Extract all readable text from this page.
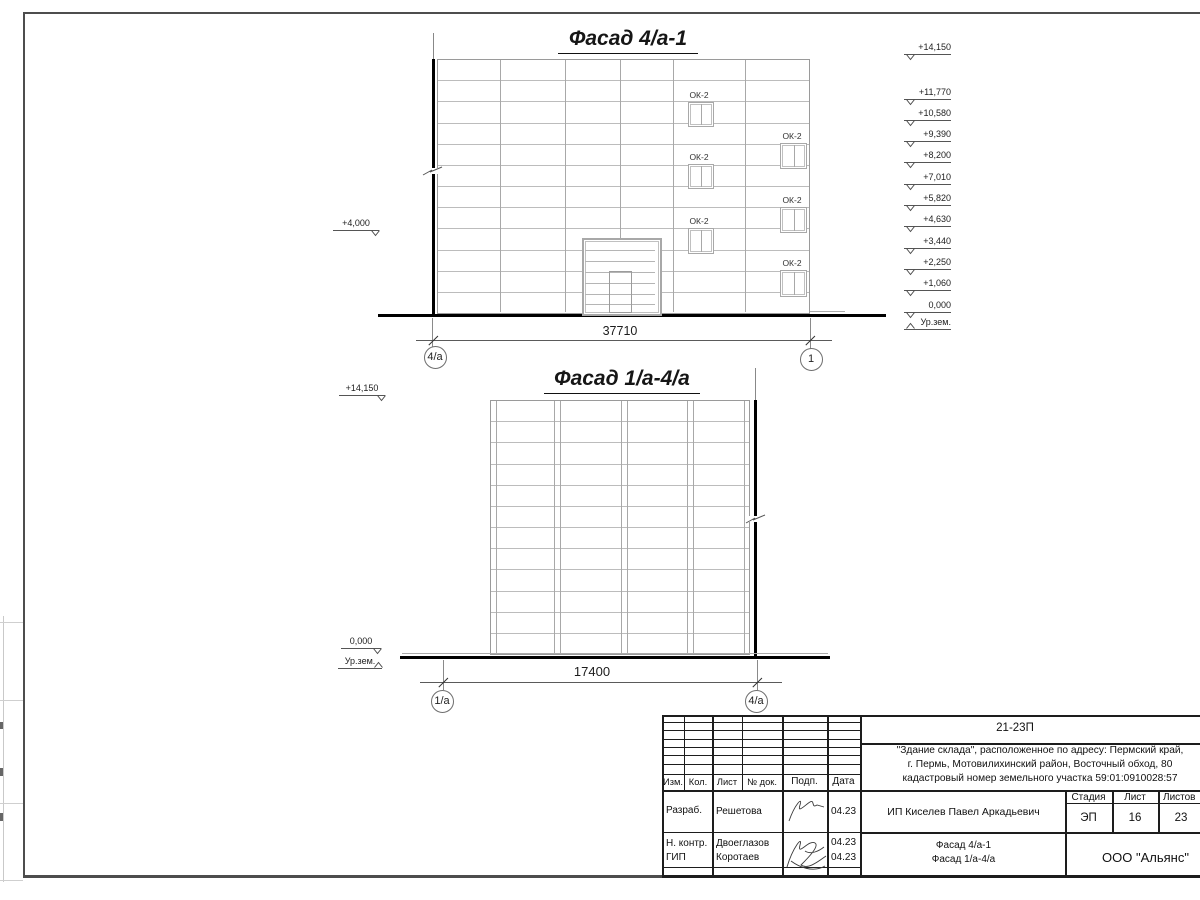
Фасад 4/а-1
Фасад 1/а-4/а
ОК-2
ОК-2
ОК-2
ОК-2
ОК-2
ОК-2
37710
4/а	1
+4,000
+14,150
+11,770
+10,580
+9,390
+8,200
+7,010
+5,820
+4,630
+3,440
+2,250
+1,060
0,000
Ур.зем.
17400
1/а	4/а
+14,150
0,000
Ур.зем.
21-23П
"Здание склада", расположенное по адресу: Пермский край,
г. Пермь, Мотовилихинский район, Восточный обход, 80
кадастровый номер земельного участка 59:01:0910028:57
Изм. Кол.	Лист	№ док.	Подп.	Дата
Разраб. Решетова	04.23
Н. контр. Двоеглазов	04.23
ГИП	Коротаев	04.23
ИП Киселев Павел Аркадьевич
Стадия	Лист	Листов
ЭП	16	23
Фасад 4/а-1
Фасад 1/а-4/а	ООО "Альянс"
